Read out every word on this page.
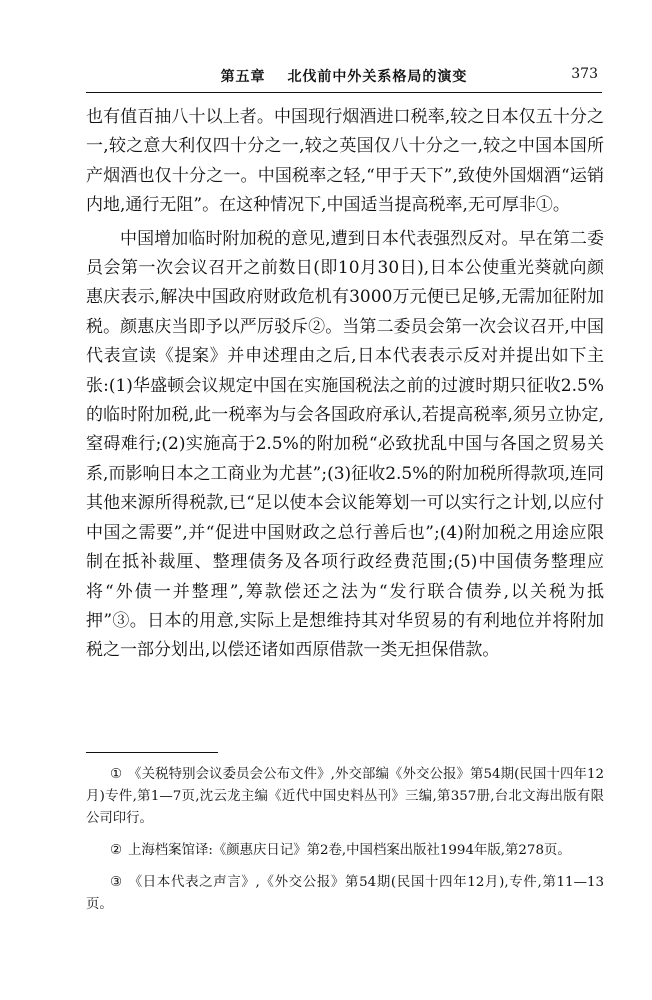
第五章 北伐前中外关系格局的演变	373

也有值百抽八十以上者。中国现行烟酒进口税率,较之日本仅五十分之一,较之意大利仅四十分之一,较之英国仅八十分之一,较之中国本国所产烟酒也仅十分之一。中国税率之轻,“甲于天下”,致使外国烟酒“运销内地,通行无阻”。在这种情况下,中国适当提高税率,无可厚非①。

中国增加临时附加税的意见,遭到日本代表强烈反对。早在第二委员会第一次会议召开之前数日(即10月30日),日本公使重光葵就向颜惠庆表示,解决中国政府财政危机有3000万元便已足够,无需加征附加税。颜惠庆当即予以严厉驳斥②。当第二委员会第一次会议召开,中国代表宣读《提案》并申述理由之后,日本代表表示反对并提出如下主张:(1)华盛顿会议规定中国在实施国税法之前的过渡时期只征收2.5%的临时附加税,此一税率为与会各国政府承认,若提高税率,须另立协定,窒碍难行;(2)实施高于2.5%的附加税“必致扰乱中国与各国之贸易关系,而影响日本之工商业为尤甚”;(3)征收2.5%的附加税所得款项,连同其他来源所得税款,已“足以使本会议能筹划一可以实行之计划,以应付中国之需要”,并“促进中国财政之总行善后也”;(4)附加税之用途应限制在抵补裁厘、整理债务及各项行政经费范围;(5)中国债务整理应将“外债一并整理”,筹款偿还之法为“发行联合债券,以关税为抵押”③。日本的用意,实际上是想维持其对华贸易的有利地位并将附加税之一部分划出,以偿还诸如西原借款一类无担保借款。

① 《关税特别会议委员会公布文件》,外交部编《外交公报》第54期(民国十四年12月)专件,第1—7页,沈云龙主编《近代中国史料丛刊》三编,第357册,台北文海出版有限公司印行。

② 上海档案馆译:《颜惠庆日记》第2卷,中国档案出版社1994年版,第278页。

③ 《日本代表之声言》,《外交公报》第54期(民国十四年12月),专件,第11—13页。
